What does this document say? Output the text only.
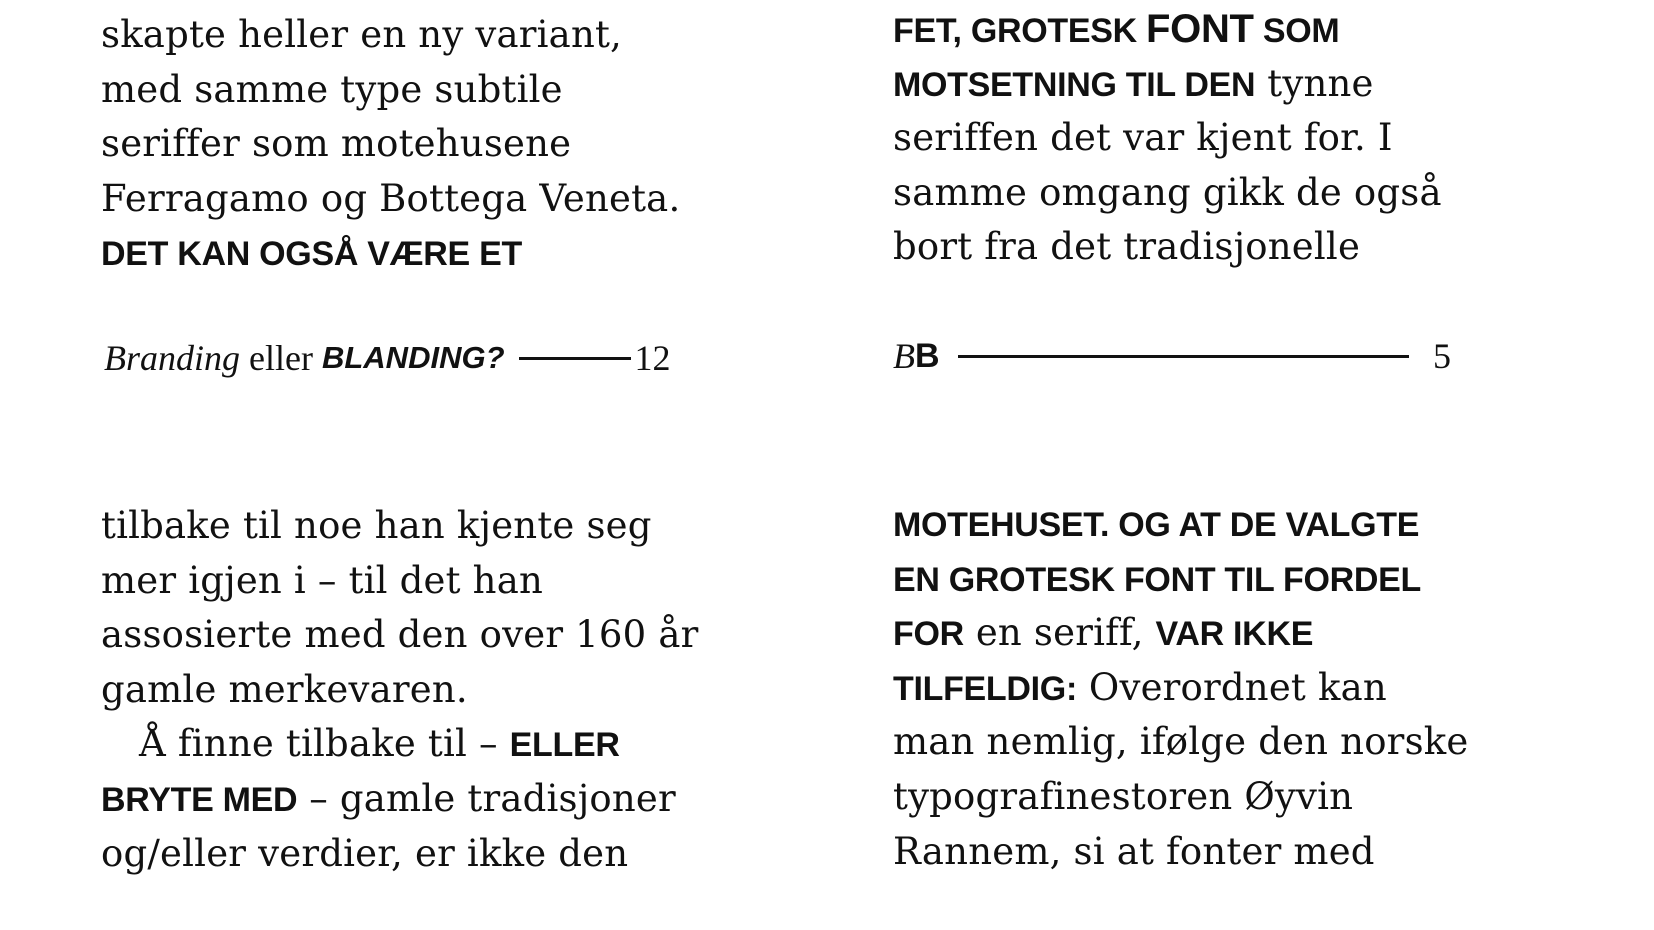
skapte heller en ny variant,
med samme type subtile
seriffer som motehusene
Ferragamo og Bottega Veneta.
DET KAN OGSÅ VÆRE ET
Branding eller BLANDING?	12
FET, GROTESK FONT SOM
MOTSETNING TIL DEN tynne
seriffen det var kjent for. I
samme omgang gikk de også
bort fra det tradisjonelle
B B	5
tilbake til noe han kjente seg
mer igjen i – til det han
assosierte med den over 160 år
gamle merkevaren.
Å finne tilbake til – ELLER
BRYTE MED – gamle tradisjoner
og/eller verdier, er ikke den
MOTEHUSET. OG AT DE VALGTE
EN GROTESK FONT TIL FORDEL
FOR en seriff, VAR IKKE
TILFELDIG: Overordnet kan
man nemlig, ifølge den norske
typografinestoren Øyvin
Rannem, si at fonter med
